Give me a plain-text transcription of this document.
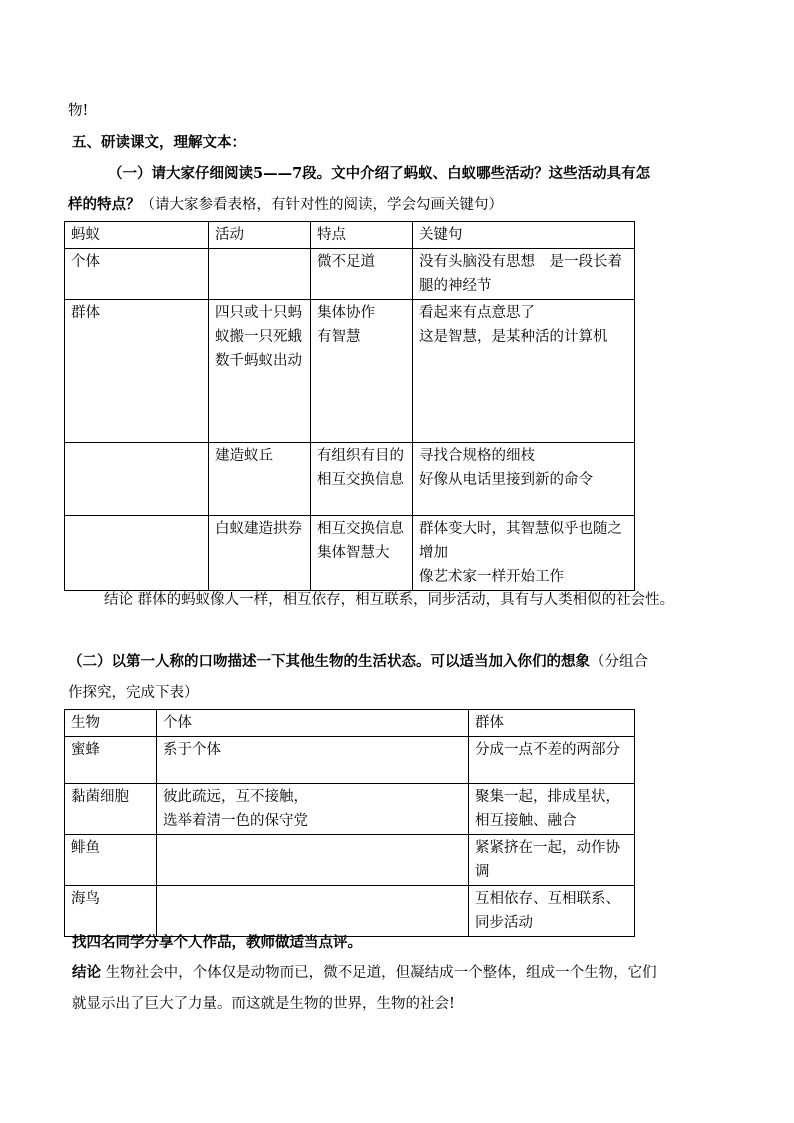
物!
五、研读课文，理解文本：
（一）请大家仔细阅读5——7段。文中介绍了蚂蚁、白蚁哪些活动？这些活动具有怎
样的特点？（请大家参看表格，有针对性的阅读，学会勾画关键句）
蚂蚁	活动	特点	关键句

个体		微不足道	没有头脑没有思想　是一段长着腿的神经节

群体	四只或十只蚂蚁搬一只死蛾
数千蚂蚁出动	集体协作
有智慧	看起来有点意思了
这是智慧，是某种活的计算机

	建造蚁丘	有组织有目的相互交换信息	寻找合规格的细枝
好像从电话里接到新的命令

	白蚁建造拱券	相互交换信息
集体智慧大	群体变大时，其智慧似乎也随之增加
像艺术家一样开始工作
结论 群体的蚂蚁像人一样，相互依存，相互联系，同步活动，具有与人类相似的社会性。
（二）以第一人称的口吻描述一下其他生物的生活状态。可以适当加入你们的想象（分组合
作探究，完成下表）
生物	个体	群体

蜜蜂	系于个体	分成一点不差的两部分

黏菌细胞	彼此疏远，互不接触，
选举着清一色的保守党	聚集一起，排成星状，相互接触、融合

鲱鱼		紧紧挤在一起，动作协调

海鸟		互相依存、互相联系、同步活动
找四名同学分享个人作品，教师做适当点评。
结论 生物社会中，个体仅是动物而已，微不足道，但凝结成一个整体，组成一个生物，它们
就显示出了巨大了力量。而这就是生物的世界，生物的社会!
